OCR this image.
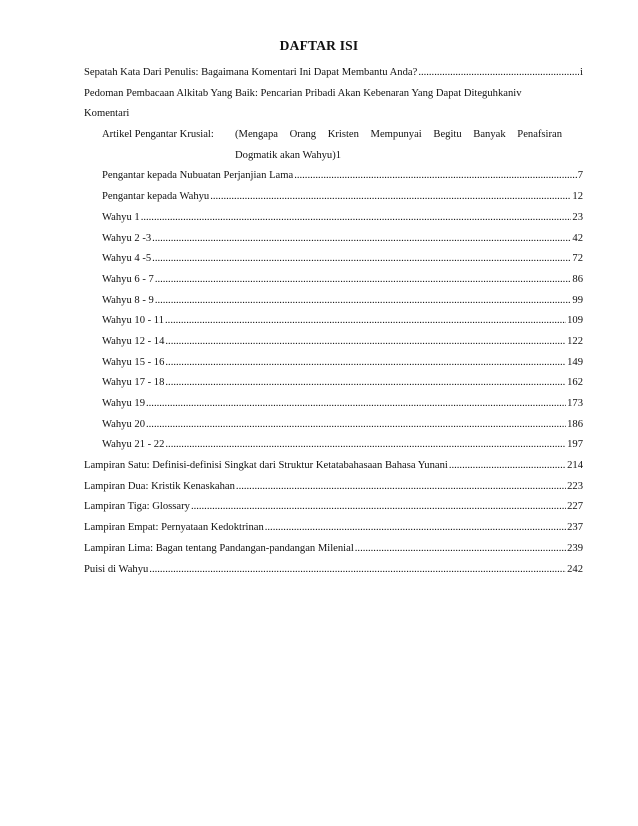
DAFTAR ISI
Sepatah Kata Dari Penulis: Bagaimana Komentari Ini Dapat Membantu Anda? .....	i
Pedoman Pembacaan Alkitab Yang Baik: Pencarian Pribadi Akan Kebenaran Yang Dapat Diteguhkan iv
Komentari
Artikel Pengantar Krusial:	(Mengapa Orang Kristen Mempunyai Begitu Banyak Penafsiran
Dogmatik akan Wahyu) 1
Pengantar kepada Nubuatan Perjanjian Lama .....	7
Pengantar kepada Wahyu .....	12
Wahyu 1 .....	23
Wahyu 2 -3 .....	42
Wahyu 4 -5 .....	72
Wahyu 6 - 7 .....	86
Wahyu 8 - 9 .....	99
Wahyu 10 - 11 .....	109
Wahyu 12 - 14 .....	122
Wahyu 15 - 16 .....	149
Wahyu 17 - 18 .....	162
Wahyu 19 .....	173
Wahyu 20 .....	186
Wahyu 21 - 22 .....	197
Lampiran Satu: Definisi-definisi Singkat dari Struktur Ketatabahasaan Bahasa Yunani .....	214
Lampiran Dua: Kristik Kenaskahan .....	223
Lampiran Tiga: Glossary .....	227
Lampiran Empat: Pernyataan Kedoktrinan .....	237
Lampiran Lima: Bagan tentang Pandangan-pandangan Milenial .....	239
Puisi di Wahyu .....	242
